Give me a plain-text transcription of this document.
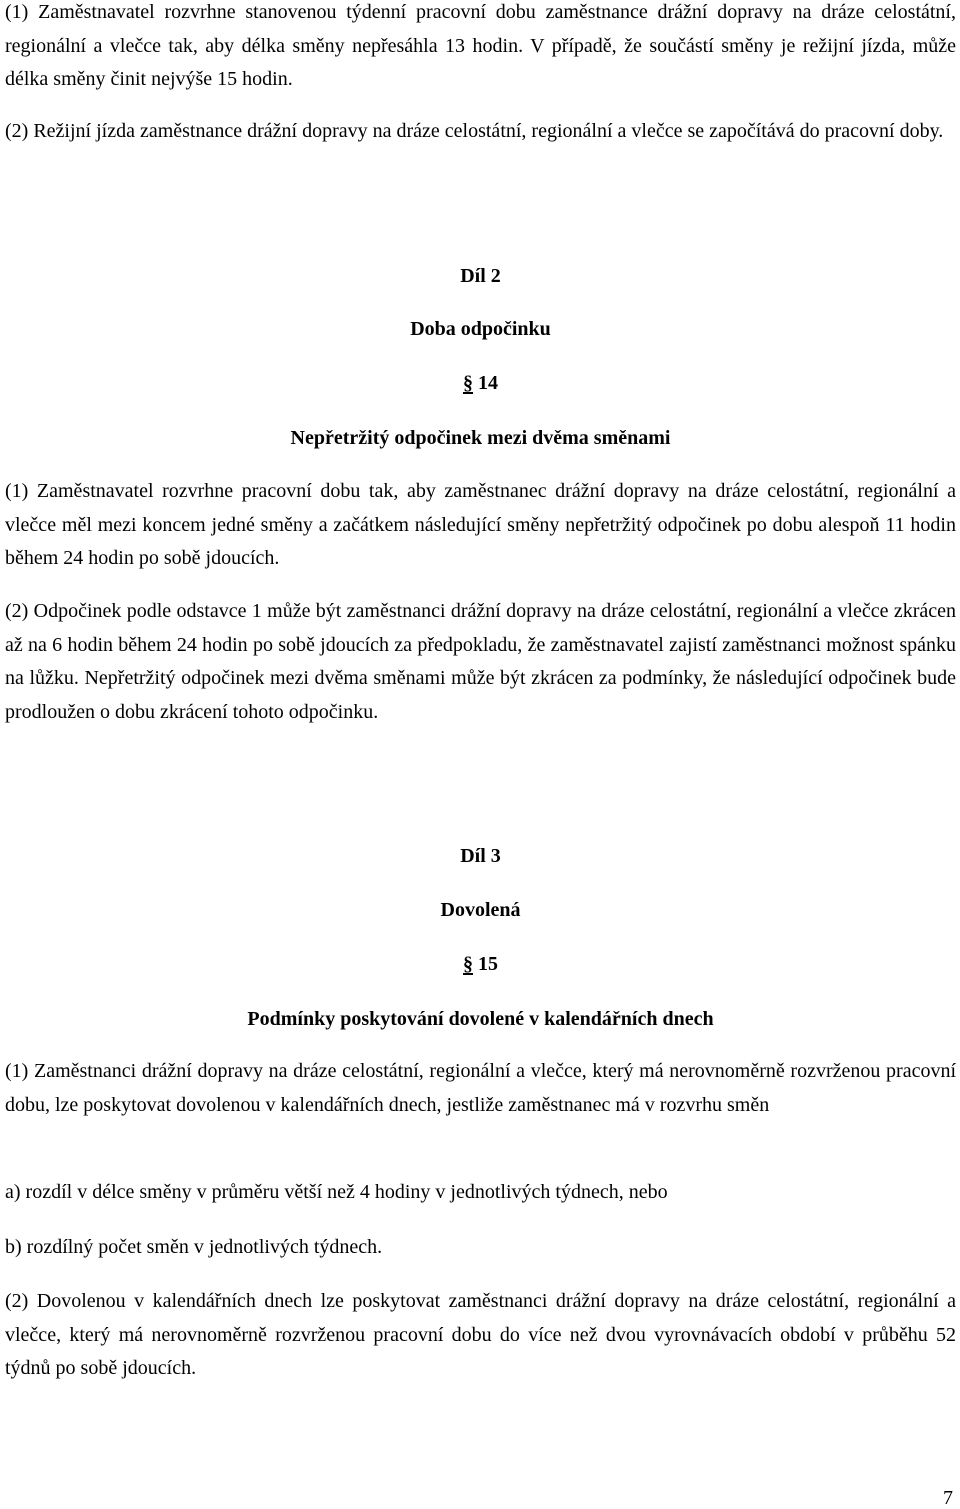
(1) Zaměstnavatel rozvrhne stanovenou týdenní pracovní dobu zaměstnance drážní dopravy na dráze celostátní, regionální a vlečce tak, aby délka směny nepřesáhla 13 hodin. V případě, že součástí směny je režijní jízda, může délka směny činit nejvýše 15 hodin.

(2) Režijní jízda zaměstnance drážní dopravy na dráze celostátní, regionální a vlečce se započítává do pracovní doby.

Díl 2
Doba odpočinku
§ 14
Nepřetržitý odpočinek mezi dvěma směnami

(1) Zaměstnavatel rozvrhne pracovní dobu tak, aby zaměstnanec drážní dopravy na dráze celostátní, regionální a vlečce měl mezi koncem jedné směny a začátkem následující směny nepřetržitý odpočinek po dobu alespoň 11 hodin během 24 hodin po sobě jdoucích.

(2) Odpočinek podle odstavce 1 může být zaměstnanci drážní dopravy na dráze celostátní, regionální a vlečce zkrácen až na 6 hodin během 24 hodin po sobě jdoucích za předpokladu, že zaměstnavatel zajistí zaměstnanci možnost spánku na lůžku. Nepřetržitý odpočinek mezi dvěma směnami může být zkrácen za podmínky, že následující odpočinek bude prodloužen o dobu zkrácení tohoto odpočinku.

Díl 3
Dovolená
§ 15
Podmínky poskytování dovolené v kalendářních dnech

(1) Zaměstnanci drážní dopravy na dráze celostátní, regionální a vlečce, který má nerovnoměrně rozvrženou pracovní dobu, lze poskytovat dovolenou v kalendářních dnech, jestliže zaměstnanec má v rozvrhu směn

a) rozdíl v délce směny v průměru větší než 4 hodiny v jednotlivých týdnech, nebo

b) rozdílný počet směn v jednotlivých týdnech.

(2) Dovolenou v kalendářních dnech lze poskytovat zaměstnanci drážní dopravy na dráze celostátní, regionální a vlečce, který má nerovnoměrně rozvrženou pracovní dobu do více než dvou vyrovnávacích období v průběhu 52 týdnů po sobě jdoucích.

7
